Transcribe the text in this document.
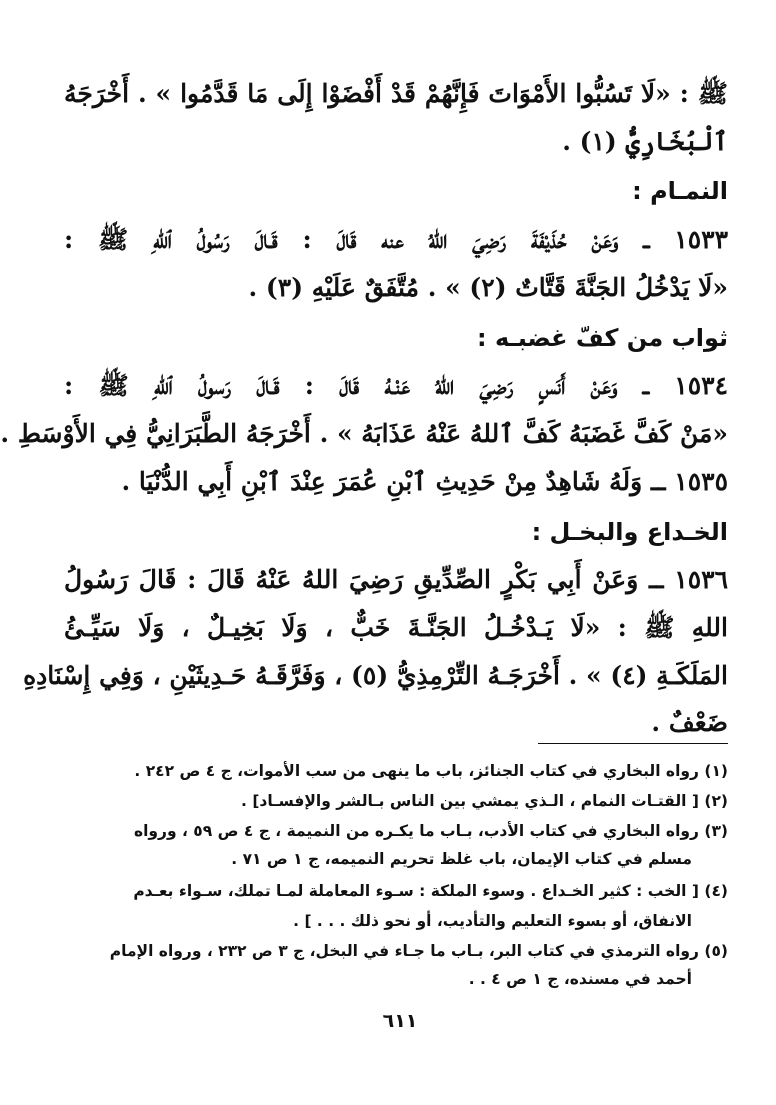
ﷺ : «لَا تَسُبُّوا الأَمْوَاتَ فَإِنَّهُمْ قَدْ أَفْضَوْا إِلَى مَا قَدَّمُوا » . أَخْرَجَهُ
ٱلْبُخَارِيُّ (١) .
النمـام :
١٥٣٣ ــ وَعَنْ حُذَيْفَةَ رَضِيَ اللهُ عنه قَالَ : قَـالَ رَسُولُ ٱللهِ ﷺ :
«لَا يَدْخُلُ الجَنَّةَ قَتَّاتٌ (٢) » . مُتَّفَقٌ عَلَيْهِ (٣) .
ثواب من كفّ غضبـه :
١٥٣٤ ــ وَعَنْ أَنَسٍ رَضِيَ اللهُ عَنْـهُ قَالَ : قَـالَ رَسولُ ٱللهِ ﷺ :
«مَنْ كَفَّ غَضَبَهُ كَفَّ ٱللهُ عَنْهُ عَذَابَهُ » . أَخْرَجَهُ الطَّبَرَانِيُّ فِي الأَوْسَطِ .
١٥٣٥ ــ وَلَهُ شَاهِدٌ مِنْ حَدِيثِ ٱبْنِ عُمَرَ عِنْدَ ٱبْنِ أَبِي الدُّنْيَا .
الخـداع والبخـل :
١٥٣٦ ــ وَعَنْ أَبِي بَكْرٍ الصِّدِّيقِ رَضِيَ اللهُ عَنْهُ قَالَ : قَالَ رَسُولُ
اللهِ ﷺ : «لَا يَـدْخُـلُ الجَنَّـةَ خَبٌّ ، وَلَا بَخِيـلٌ ، وَلَا سَيِّـئُ
المَلَكَـةِ (٤) » . أَخْرَجَـهُ التِّرْمِذِيُّ (٥) ، وَفَرَّقَـهُ حَـدِيثَيْنِ ، وَفِي إِسْنَادِهِ
ضَعْفٌ .
(١) رواه البخاري في كتاب الجنائز، باب ما ينهى من سب الأموات، ج ٤ ص ٢٤٢ .
(٢) [ القتـات النمام ، الـذي يمشي بين الناس بـالشر والإفسـاد] .
(٣) رواه البخاري في كتاب الأدب، بـاب ما يكـره من النميمة ، ج ٤ ص ٥٩ ، ورواه
مسلم في كتاب الإيمان، باب غلظ تحريم النميمه، ج ١ ص ٧١ .
(٤) [ الخب : كثير الخـداع . وسوء الملكة : سـوء المعاملة لمـا تملك، سـواء بعـدم
الانفاق، أو بسوء التعليم والتأديب، أو نحو ذلك . . . ] .
(٥) رواه الترمذي في كتاب البر، بـاب ما جـاء في البخل، ج ٣ ص ٢٣٢ ، ورواه الإمام
أحمد في مسنده، ج ١ ص ٤ . .
٦١١
